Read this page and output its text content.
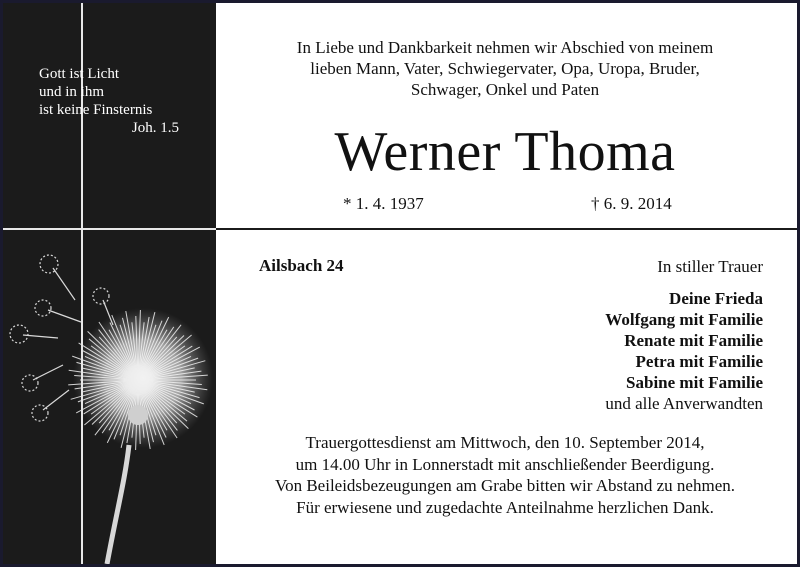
Gott ist Licht
und in ihm
ist keine Finsternis
Joh. 1.5
In Liebe und Dankbarkeit nehmen wir Abschied von meinem
lieben Mann, Vater, Schwiegervater, Opa, Uropa, Bruder,
Schwager, Onkel und Paten
Werner Thoma
* 1. 4. 1937	† 6. 9. 2014
Ailsbach 24	In stiller Trauer
Deine Frieda
Wolfgang mit Familie
Renate mit Familie
Petra mit Familie
Sabine mit Familie
und alle Anverwandten
Trauergottesdienst am Mittwoch, den 10. September 2014,
um 14.00 Uhr in Lonnerstadt mit anschließender Beerdigung.
Von Beileidsbezeugungen am Grabe bitten wir Abstand zu nehmen.
Für erwiesene und zugedachte Anteilnahme herzlichen Dank.
